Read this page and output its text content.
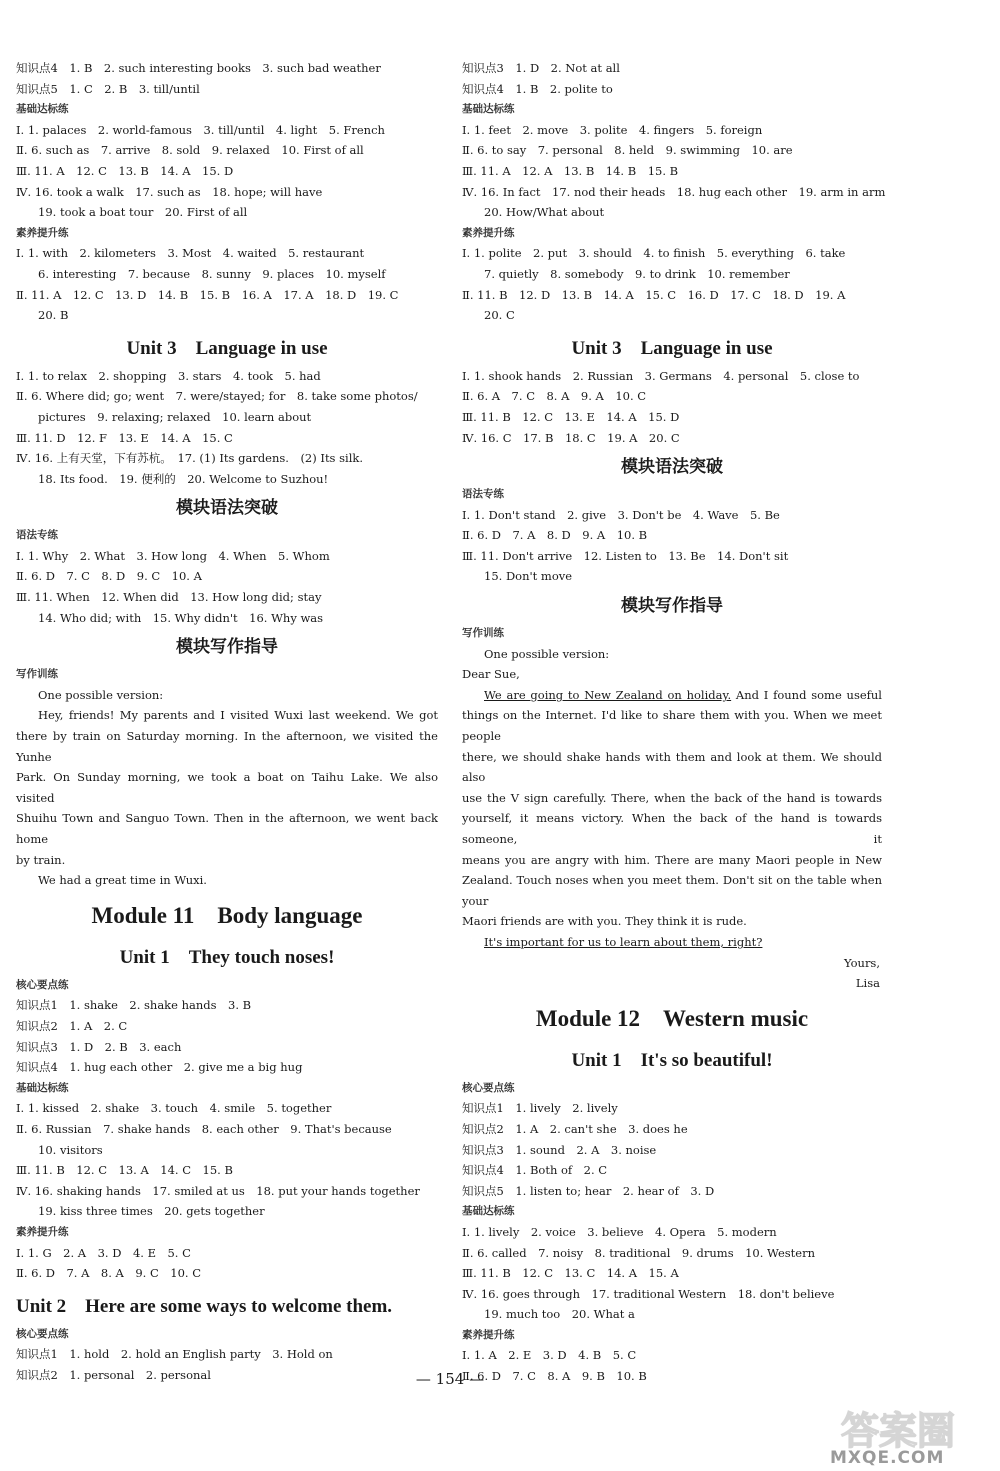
知识点4　1. B　2. such interesting books　3. such bad weather
知识点5　1. C　2. B　3. till/until
基础达标练
Ⅰ. 1. palaces　2. world-famous　3. till/until　4. light　5. French
Ⅱ. 6. such as　7. arrive　8. sold　9. relaxed　10. First of all
Ⅲ. 11. A　12. C　13. B　14. A　15. D
Ⅳ. 16. took a walk　17. such as　18. hope; will have
19. took a boat tour　20. First of all
素养提升练
Ⅰ. 1. with　2. kilometers　3. Most　4. waited　5. restaurant
6. interesting　7. because　8. sunny　9. places　10. myself
Ⅱ. 11. A　12. C　13. D　14. B　15. B　16. A　17. A　18. D　19. C
20. B
Unit 3　Language in use
Ⅰ. 1. to relax　2. shopping　3. stars　4. took　5. had
Ⅱ. 6. Where did; go; went　7. were/stayed; for　8. take some photos/
pictures　9. relaxing; relaxed　10. learn about
Ⅲ. 11. D　12. F　13. E　14. A　15. C
Ⅳ. 16. 上有天堂，下有苏杭。　17. (1) Its gardens.　(2) Its silk.
18. Its food.　19. 便利的　20. Welcome to Suzhou!
模块语法突破
语法专练
Ⅰ. 1. Why　2. What　3. How long　4. When　5. Whom
Ⅱ. 6. D　7. C　8. D　9. C　10. A
Ⅲ. 11. When　12. When did　13. How long did; stay
14. Who did; with　15. Why didn't　16. Why was
模块写作指导
写作训练
One possible version:
Hey, friends! My parents and I visited Wuxi last weekend. We got
there by train on Saturday morning. In the afternoon, we visited the Yunhe
Park. On Sunday morning, we took a boat on Taihu Lake. We also visited
Shuihu Town and Sanguo Town. Then in the afternoon, we went back home
by train.
We had a great time in Wuxi.
Module 11　Body language
Unit 1　They touch noses!
核心要点练
知识点1　1. shake　2. shake hands　3. B
知识点2　1. A　2. C
知识点3　1. D　2. B　3. each
知识点4　1. hug each other　2. give me a big hug
基础达标练
Ⅰ. 1. kissed　2. shake　3. touch　4. smile　5. together
Ⅱ. 6. Russian　7. shake hands　8. each other　9. That's because
10. visitors
Ⅲ. 11. B　12. C　13. A　14. C　15. B
Ⅳ. 16. shaking hands　17. smiled at us　18. put your hands together
19. kiss three times　20. gets together
素养提升练
Ⅰ. 1. G　2. A　3. D　4. E　5. C
Ⅱ. 6. D　7. A　8. A　9. C　10. C
Unit 2　Here are some ways to welcome them.
核心要点练
知识点1　1. hold　2. hold an English party　3. Hold on
知识点2　1. personal　2. personal
知识点3　1. D　2. Not at all
知识点4　1. B　2. polite to
基础达标练
Ⅰ. 1. feet　2. move　3. polite　4. fingers　5. foreign
Ⅱ. 6. to say　7. personal　8. held　9. swimming　10. are
Ⅲ. 11. A　12. A　13. B　14. B　15. B
Ⅳ. 16. In fact　17. nod their heads　18. hug each other　19. arm in arm
20. How/What about
素养提升练
Ⅰ. 1. polite　2. put　3. should　4. to finish　5. everything　6. take
7. quietly　8. somebody　9. to drink　10. remember
Ⅱ. 11. B　12. D　13. B　14. A　15. C　16. D　17. C　18. D　19. A
20. C
Unit 3　Language in use
Ⅰ. 1. shook hands　2. Russian　3. Germans　4. personal　5. close to
Ⅱ. 6. A　7. C　8. A　9. A　10. C
Ⅲ. 11. B　12. C　13. E　14. A　15. D
Ⅳ. 16. C　17. B　18. C　19. A　20. C
模块语法突破
语法专练
Ⅰ. 1. Don't stand　2. give　3. Don't be　4. Wave　5. Be
Ⅱ. 6. D　7. A　8. D　9. A　10. B
Ⅲ. 11. Don't arrive　12. Listen to　13. Be　14. Don't sit
15. Don't move
模块写作指导
写作训练
One possible version:
Dear Sue,
We are going to New Zealand on holiday. And I found some useful
things on the Internet. I'd like to share them with you. When we meet people
there, we should shake hands with them and look at them. We should also
use the V sign carefully. There, when the back of the hand is towards
yourself, it means victory. When the back of the hand is towards someone, it
means you are angry with him. There are many Maori people in New
Zealand. Touch noses when you meet them. Don't sit on the table when your
Maori friends are with you. They think it is rude.
It's important for us to learn about them, right?
Yours,
Lisa
Module 12　Western music
Unit 1　It's so beautiful!
核心要点练
知识点1　1. lively　2. lively
知识点2　1. A　2. can't she　3. does he
知识点3　1. sound　2. A　3. noise
知识点4　1. Both of　2. C
知识点5　1. listen to; hear　2. hear of　3. D
基础达标练
Ⅰ. 1. lively　2. voice　3. believe　4. Opera　5. modern
Ⅱ. 6. called　7. noisy　8. traditional　9. drums　10. Western
Ⅲ. 11. B　12. C　13. C　14. A　15. A
Ⅳ. 16. goes through　17. traditional Western　18. don't believe
19. much too　20. What a
素养提升练
Ⅰ. 1. A　2. E　3. D　4. B　5. C
Ⅱ. 6. D　7. C　8. A　9. B　10. B
— 154 —
答案圈
MXQE.COM
